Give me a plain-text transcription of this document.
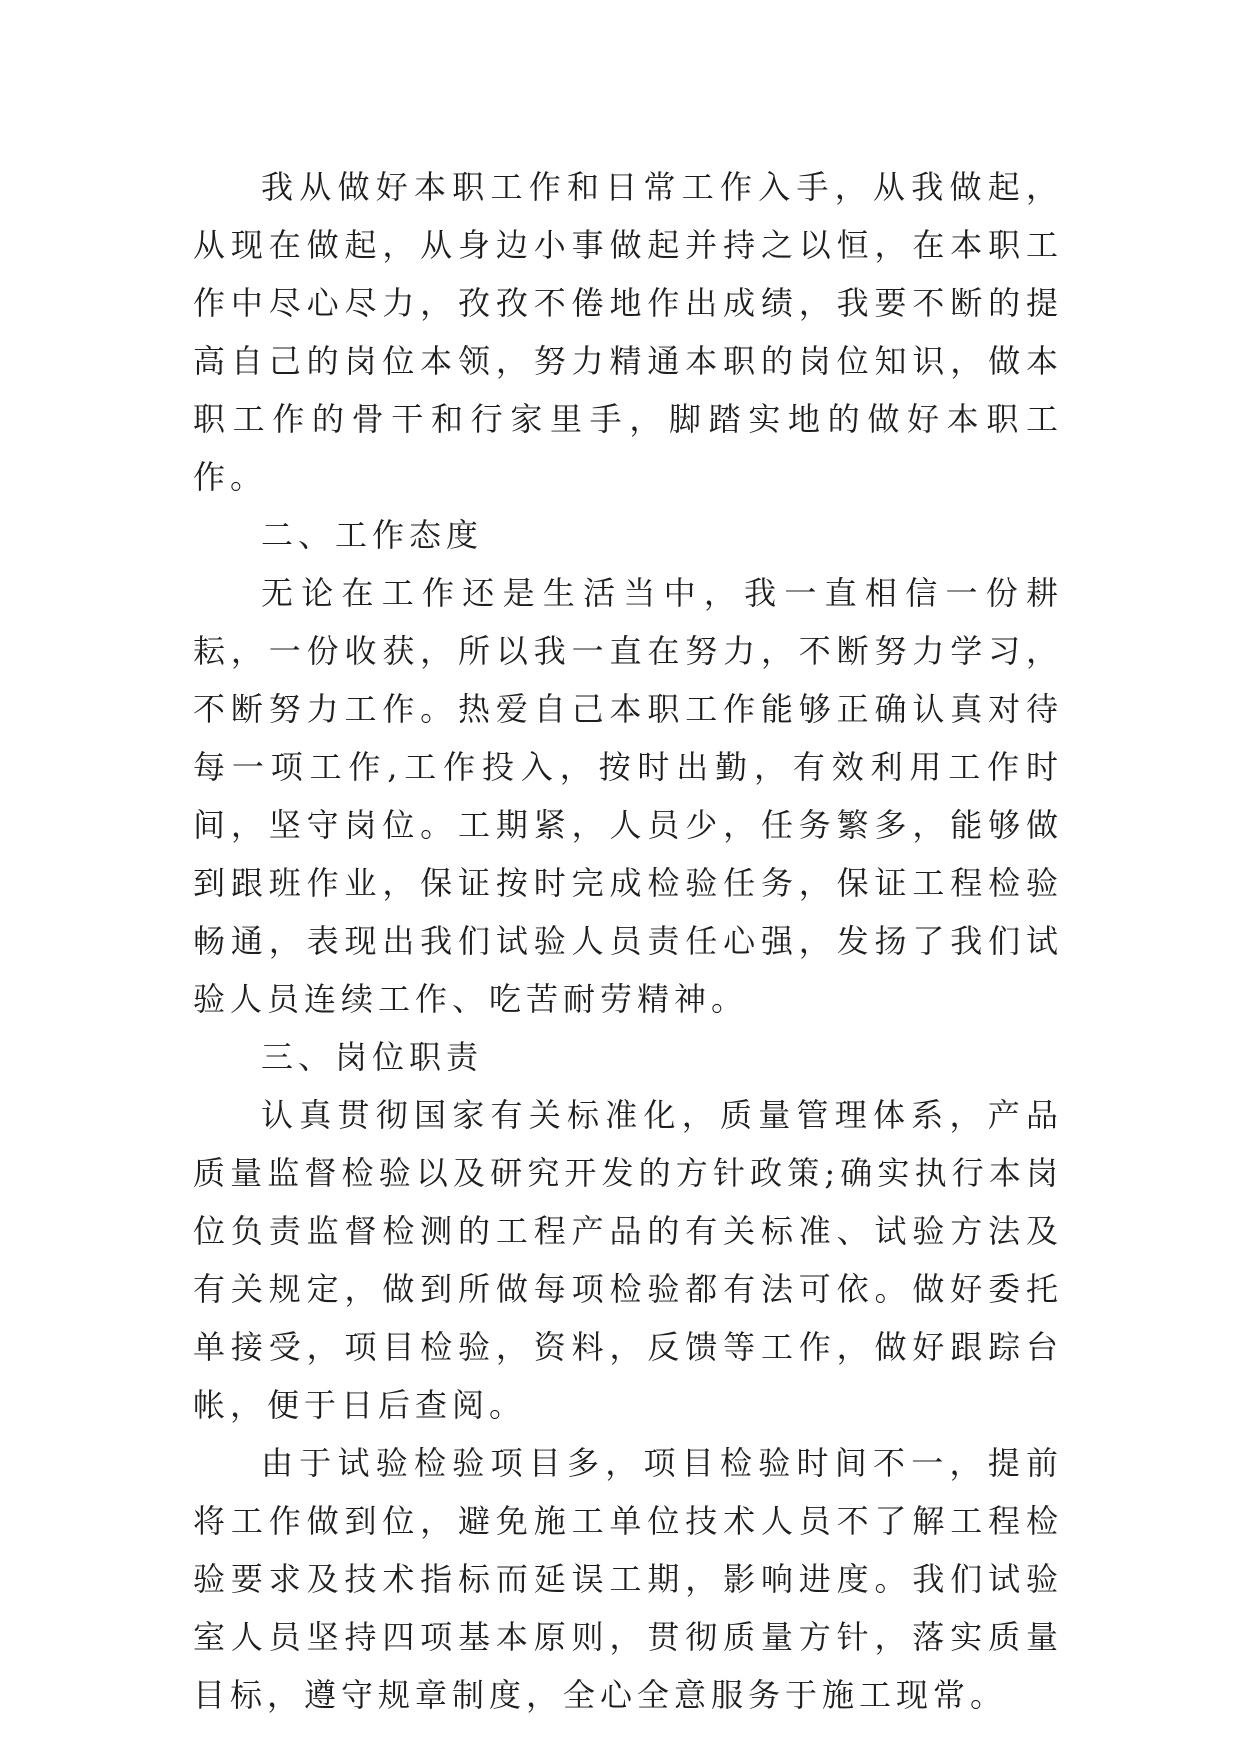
我从做好本职工作和日常工作入手，从我做起，从现在做起，从身边小事做起并持之以恒，在本职工作中尽心尽力，孜孜不倦地作出成绩，我要不断的提高自己的岗位本领，努力精通本职的岗位知识，做本职工作的骨干和行家里手，脚踏实地的做好本职工作。

二、工作态度

无论在工作还是生活当中，我一直相信一份耕耘，一份收获，所以我一直在努力，不断努力学习，不断努力工作。热爱自己本职工作能够正确认真对待每一项工作,工作投入，按时出勤，有效利用工作时间，坚守岗位。工期紧，人员少，任务繁多，能够做到跟班作业，保证按时完成检验任务，保证工程检验畅通，表现出我们试验人员责任心强，发扬了我们试验人员连续工作、吃苦耐劳精神。

三、岗位职责

认真贯彻国家有关标准化，质量管理体系，产品质量监督检验以及研究开发的方针政策;确实执行本岗位负责监督检测的工程产品的有关标准、试验方法及有关规定，做到所做每项检验都有法可依。做好委托单接受，项目检验，资料，反馈等工作，做好跟踪台帐，便于日后查阅。

由于试验检验项目多，项目检验时间不一，提前将工作做到位，避免施工单位技术人员不了解工程检验要求及技术指标而延误工期，影响进度。我们试验室人员坚持四项基本原则，贯彻质量方针，落实质量目标，遵守规章制度，全心全意服务于施工现常。
